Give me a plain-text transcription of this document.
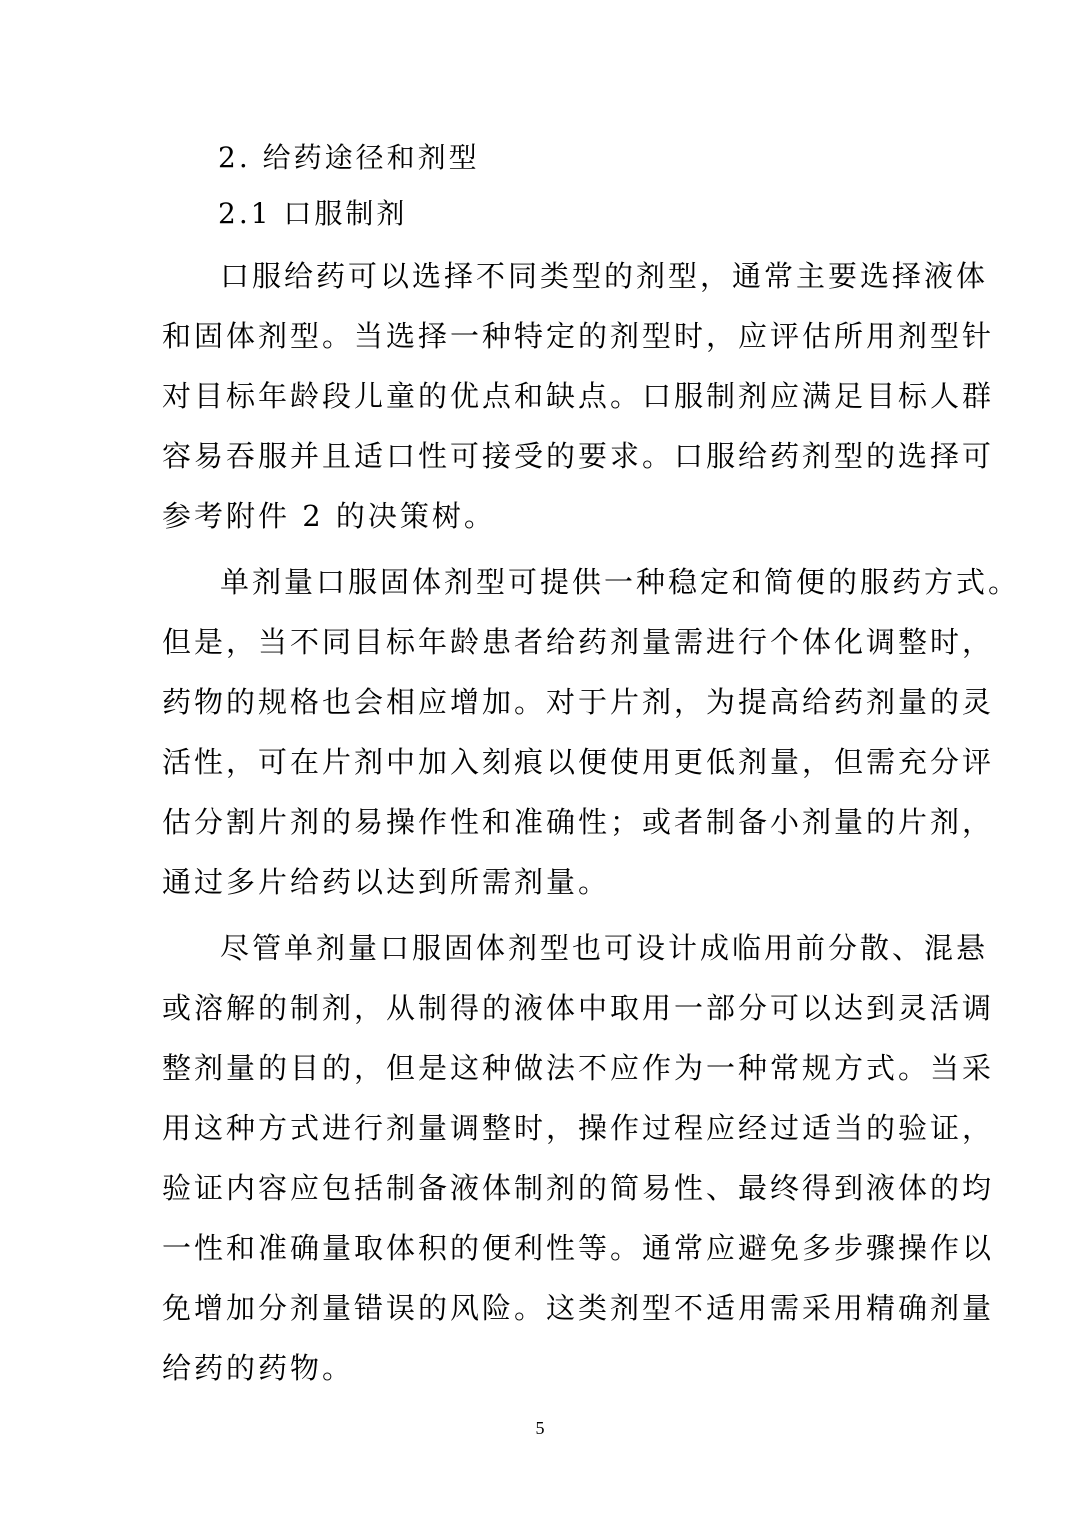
2. 给药途径和剂型

2.1 口服制剂

口服给药可以选择不同类型的剂型，通常主要选择液体

和固体剂型。当选择一种特定的剂型时，应评估所用剂型针

对目标年龄段儿童的优点和缺点。口服制剂应满足目标人群

容易吞服并且适口性可接受的要求。口服给药剂型的选择可

参考附件 2 的决策树。

单剂量口服固体剂型可提供一种稳定和简便的服药方式。

但是，当不同目标年龄患者给药剂量需进行个体化调整时，

药物的规格也会相应增加。对于片剂，为提高给药剂量的灵

活性，可在片剂中加入刻痕以便使用更低剂量，但需充分评

估分割片剂的易操作性和准确性；或者制备小剂量的片剂，

通过多片给药以达到所需剂量。

尽管单剂量口服固体剂型也可设计成临用前分散、混悬

或溶解的制剂，从制得的液体中取用一部分可以达到灵活调

整剂量的目的，但是这种做法不应作为一种常规方式。当采

用这种方式进行剂量调整时，操作过程应经过适当的验证，

验证内容应包括制备液体制剂的简易性、最终得到液体的均

一性和准确量取体积的便利性等。通常应避免多步骤操作以

免增加分剂量错误的风险。这类剂型不适用需采用精确剂量

给药的药物。

5
